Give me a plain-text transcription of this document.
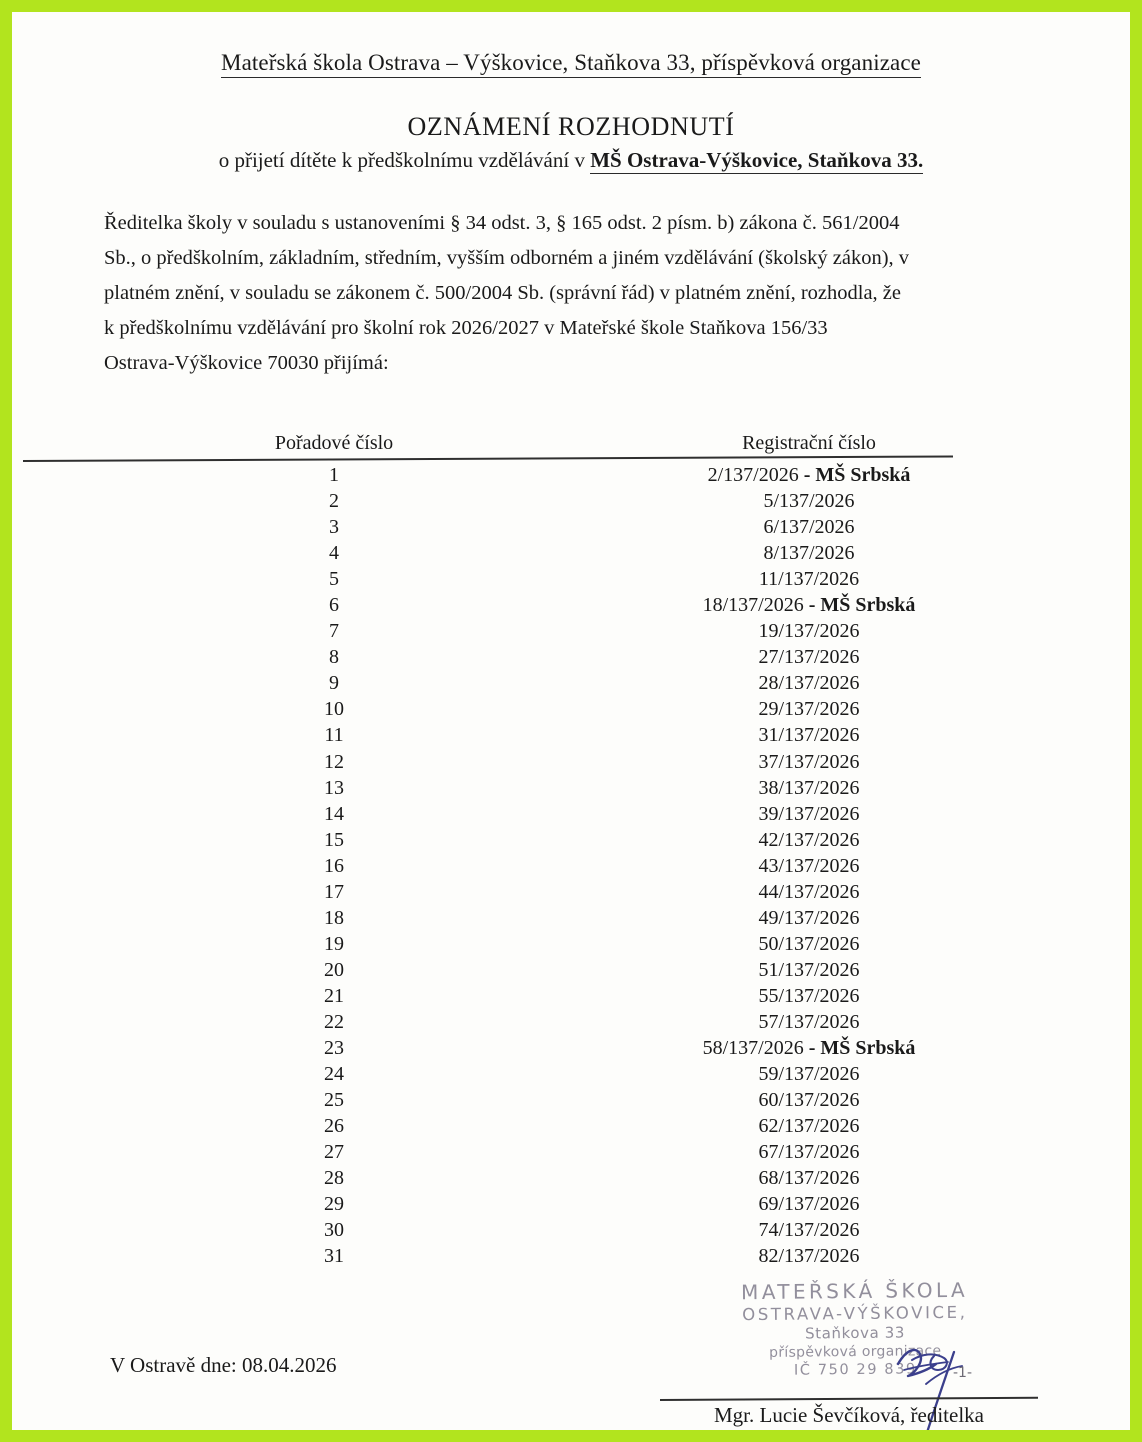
Mateřská škola Ostrava – Výškovice, Staňkova 33, příspěvková organizace
OZNÁMENÍ ROZHODNUTÍ
o přijetí dítěte k předškolnímu vzdělávání v MŠ Ostrava-Výškovice, Staňkova 33.
Ředitelka školy v souladu s ustanoveními § 34 odst. 3, § 165 odst. 2 písm. b) zákona č. 561/2004
Sb., o předškolním, základním, středním, vyšším odborném a jiném vzdělávání (školský zákon), v
platném znění, v souladu se zákonem č. 500/2004 Sb. (správní řád) v platném znění, rozhodla, že
k předškolnímu vzdělávání pro školní rok 2026/2027 v Mateřské škole Staňkova 156/33
Ostrava-Výškovice 70030 přijímá:
Pořadové číslo	Registrační číslo
1	2/137/2026 - MŠ Srbská
2	5/137/2026
3	6/137/2026
4	8/137/2026
5	11/137/2026
6	18/137/2026 - MŠ Srbská
7	19/137/2026
8	27/137/2026
9	28/137/2026
10	29/137/2026
11	31/137/2026
12	37/137/2026
13	38/137/2026
14	39/137/2026
15	42/137/2026
16	43/137/2026
17	44/137/2026
18	49/137/2026
19	50/137/2026
20	51/137/2026
21	55/137/2026
22	57/137/2026
23	58/137/2026 - MŠ Srbská
24	59/137/2026
25	60/137/2026
26	62/137/2026
27	67/137/2026
28	68/137/2026
29	69/137/2026
30	74/137/2026
31	82/137/2026
MATEŘSKÁ ŠKOLA
OSTRAVA-VÝŠKOVICE,
Staňkova 33
příspěvková organizace
IČ 750 29 839	-1-
V Ostravě dne: 08.04.2026
Mgr. Lucie Ševčíková, ředitelka
